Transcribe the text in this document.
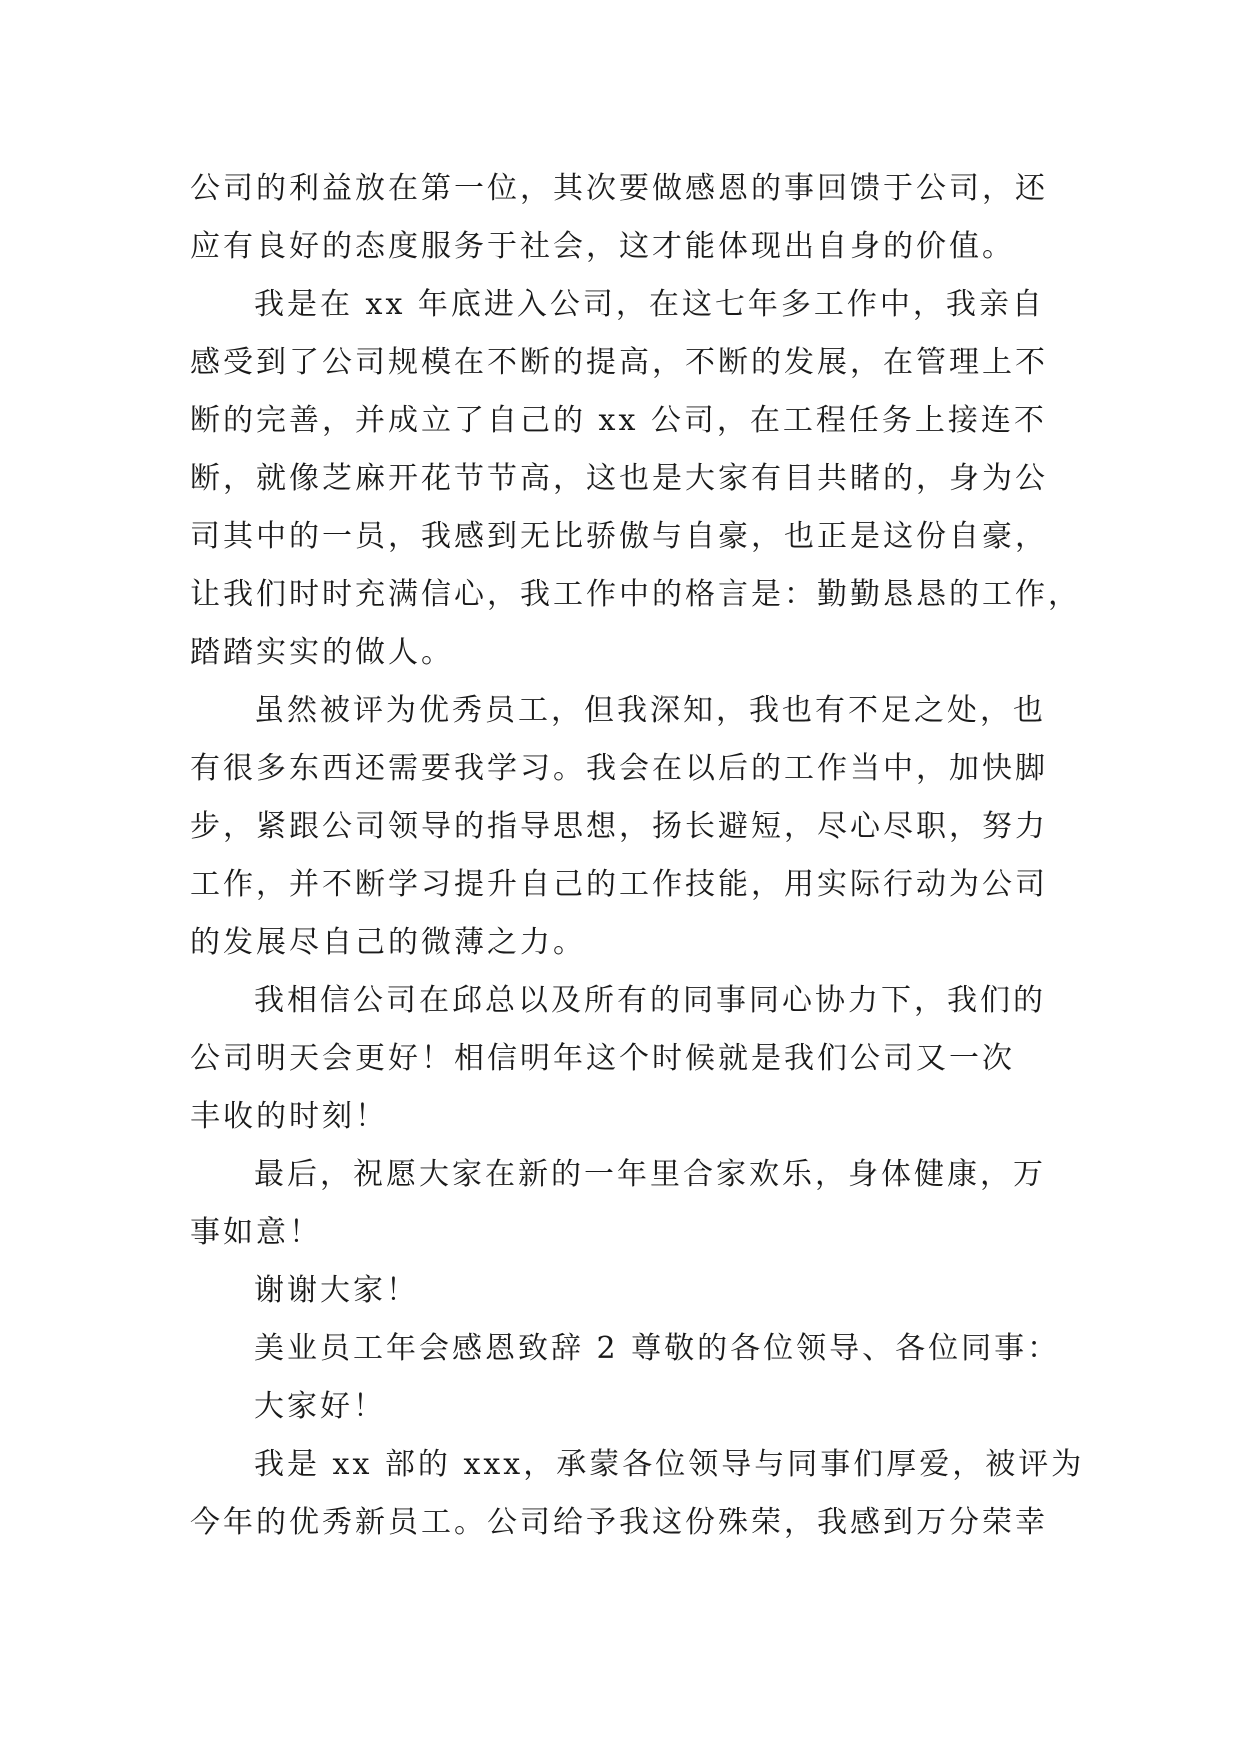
公司的利益放在第一位，其次要做感恩的事回馈于公司，还
应有良好的态度服务于社会，这才能体现出自身的价值。
我是在 xx 年底进入公司，在这七年多工作中，我亲自
感受到了公司规模在不断的提高，不断的发展，在管理上不
断的完善，并成立了自己的 xx 公司，在工程任务上接连不
断，就像芝麻开花节节高，这也是大家有目共睹的，身为公
司其中的一员，我感到无比骄傲与自豪，也正是这份自豪，
让我们时时充满信心，我工作中的格言是：勤勤恳恳的工作，
踏踏实实的做人。
虽然被评为优秀员工，但我深知，我也有不足之处，也
有很多东西还需要我学习。我会在以后的工作当中，加快脚
步，紧跟公司领导的指导思想，扬长避短，尽心尽职，努力
工作，并不断学习提升自己的工作技能，用实际行动为公司
的发展尽自己的微薄之力。
我相信公司在邱总以及所有的同事同心协力下，我们的
公司明天会更好！相信明年这个时候就是我们公司又一次
丰收的时刻！
最后，祝愿大家在新的一年里合家欢乐，身体健康，万
事如意！
谢谢大家！
美业员工年会感恩致辞 2 尊敬的各位领导、各位同事：
大家好！
我是 xx 部的 xxx，承蒙各位领导与同事们厚爱，被评为
今年的优秀新员工。公司给予我这份殊荣，我感到万分荣幸
